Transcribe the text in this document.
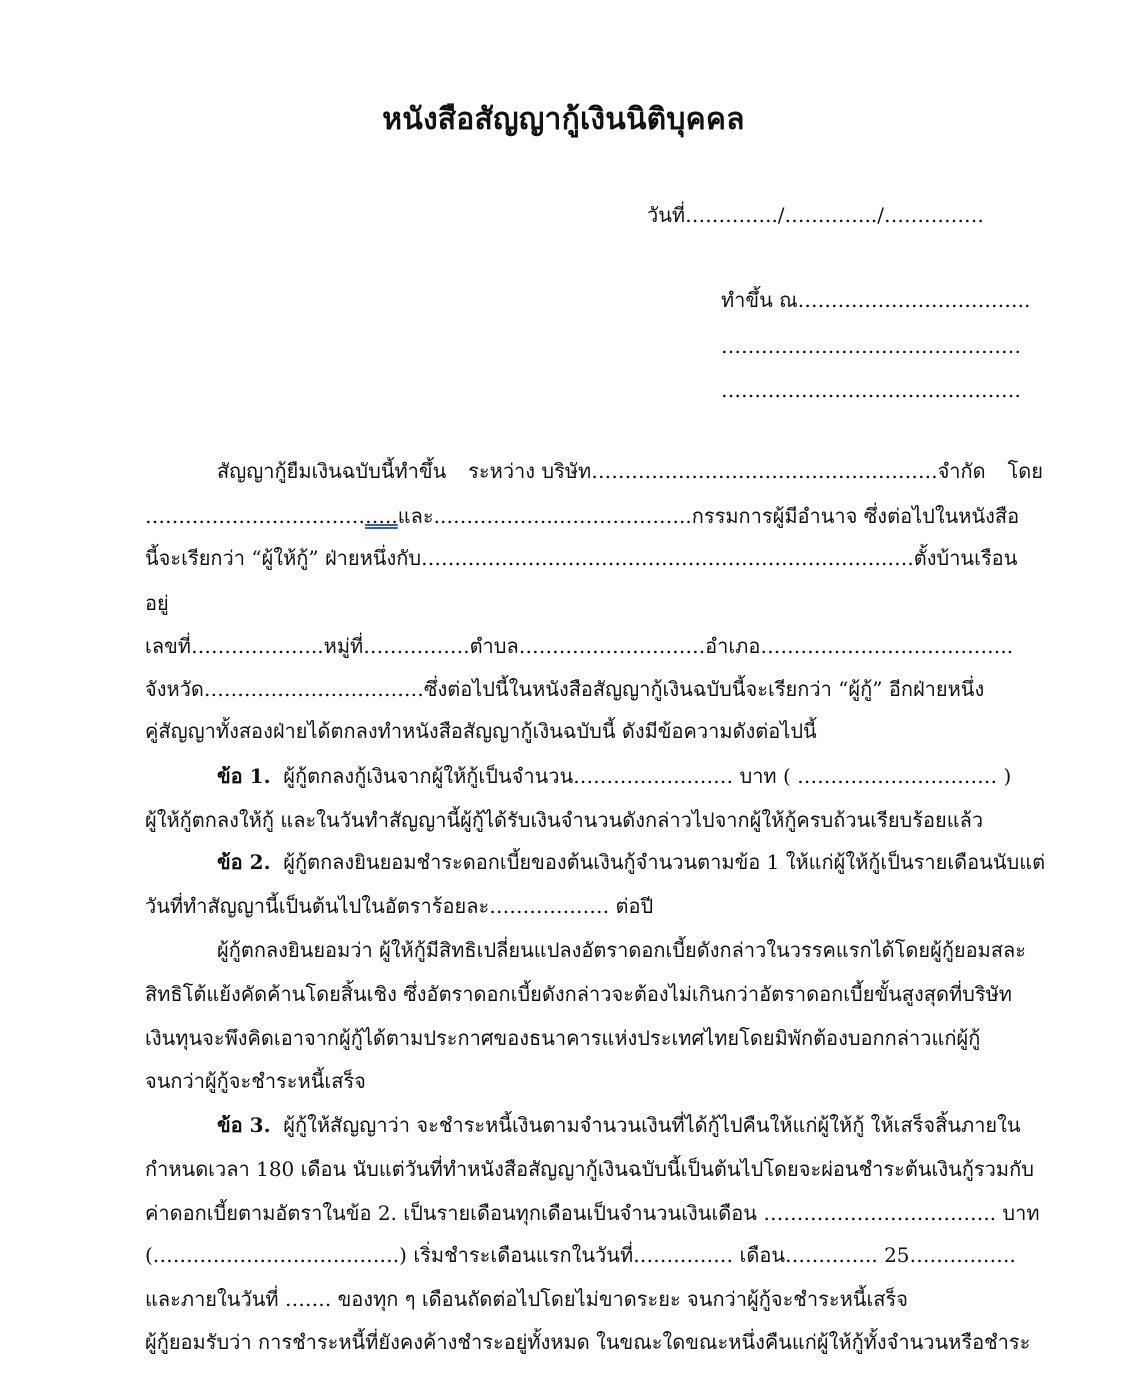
หนังสือสัญญากู้เงินนิติบุคคล
วันที่…………../…………../……………
ทำขึ้น ณ……………………………..
………………………………………
………………………………………
สัญญากู้ยืมเงินฉบับนี้ทำขึ้น ระหว่าง บริษัท…………………………………………….จำกัด โดย
………………………………..และ..……………..………………..กรรมการผู้มีอำนาจ ซึ่งต่อไปในหนังสือ
นี้จะเรียกว่า “ผู้ให้กู้” ฝ่ายหนึ่งกับ…………………………………………………………….….ตั้งบ้านเรือน
อยู่
เลขที่………………..หมู่ที่…………….ตำบล……………………….อำเภอ………………………………..
จังหวัด……………………………ซึ่งต่อไปนี้ในหนังสือสัญญากู้เงินฉบับนี้จะเรียกว่า “ผู้กู้” อีกฝ่ายหนึ่ง
คู่สัญญาทั้งสองฝ่ายได้ตกลงทำหนังสือสัญญากู้เงินฉบับนี้ ดังมีข้อความดังต่อไปนี้
ข้อ 1. ผู้กู้ตกลงกู้เงินจากผู้ให้กู้เป็นจำนวน…………………… บาท ( ………………………… )
ผู้ให้กู้ตกลงให้กู้ และในวันทำสัญญานี้ผู้กู้ได้รับเงินจำนวนดังกล่าวไปจากผู้ให้กู้ครบถ้วนเรียบร้อยแล้ว
ข้อ 2. ผู้กู้ตกลงยินยอมชำระดอกเบี้ยของต้นเงินกู้จำนวนตามข้อ 1 ให้แก่ผู้ให้กู้เป็นรายเดือนนับแต่
วันที่ทำสัญญานี้เป็นต้นไปในอัตราร้อยละ……………… ต่อปี
ผู้กู้ตกลงยินยอมว่า ผู้ให้กู้มีสิทธิเปลี่ยนแปลงอัตราดอกเบี้ยดังกล่าวในวรรคแรกได้โดยผู้กู้ยอมสละ
สิทธิโต้แย้งคัดค้านโดยสิ้นเชิง ซึ่งอัตราดอกเบี้ยดังกล่าวจะต้องไม่เกินกว่าอัตราดอกเบี้ยขั้นสูงสุดที่บริษัท
เงินทุนจะพึงคิดเอาจากผู้กู้ได้ตามประกาศของธนาคารแห่งประเทศไทยโดยมิพักต้องบอกกล่าวแก่ผู้กู้
จนกว่าผู้กู้จะชำระหนี้เสร็จ
ข้อ 3. ผู้กู้ให้สัญญาว่า จะชำระหนี้เงินตามจำนวนเงินที่ได้กู้ไปคืนให้แก่ผู้ให้กู้ ให้เสร็จสิ้นภายใน
กำหนดเวลา 180 เดือน นับแต่วันที่ทำหนังสือสัญญากู้เงินฉบับนี้เป็นต้นไปโดยจะผ่อนชำระต้นเงินกู้รวมกับ
ค่าดอกเบี้ยตามอัตราในข้อ 2. เป็นรายเดือนทุกเดือนเป็นจำนวนเงินเดือน …………………………….. บาท
(……………………………….) เริ่มชำระเดือนแรกในวันที่…………… เดือน………….. 25…………….
และภายในวันที่ ……. ของทุก ๆ เดือนถัดต่อไปโดยไม่ขาดระยะ จนกว่าผู้กู้จะชำระหนี้เสร็จ
ผู้กู้ยอมรับว่า การชำระหนี้ที่ยังคงค้างชำระอยู่ทั้งหมด ในขณะใดขณะหนึ่งคืนแก่ผู้ให้กู้ทั้งจำนวนหรือชำระ
